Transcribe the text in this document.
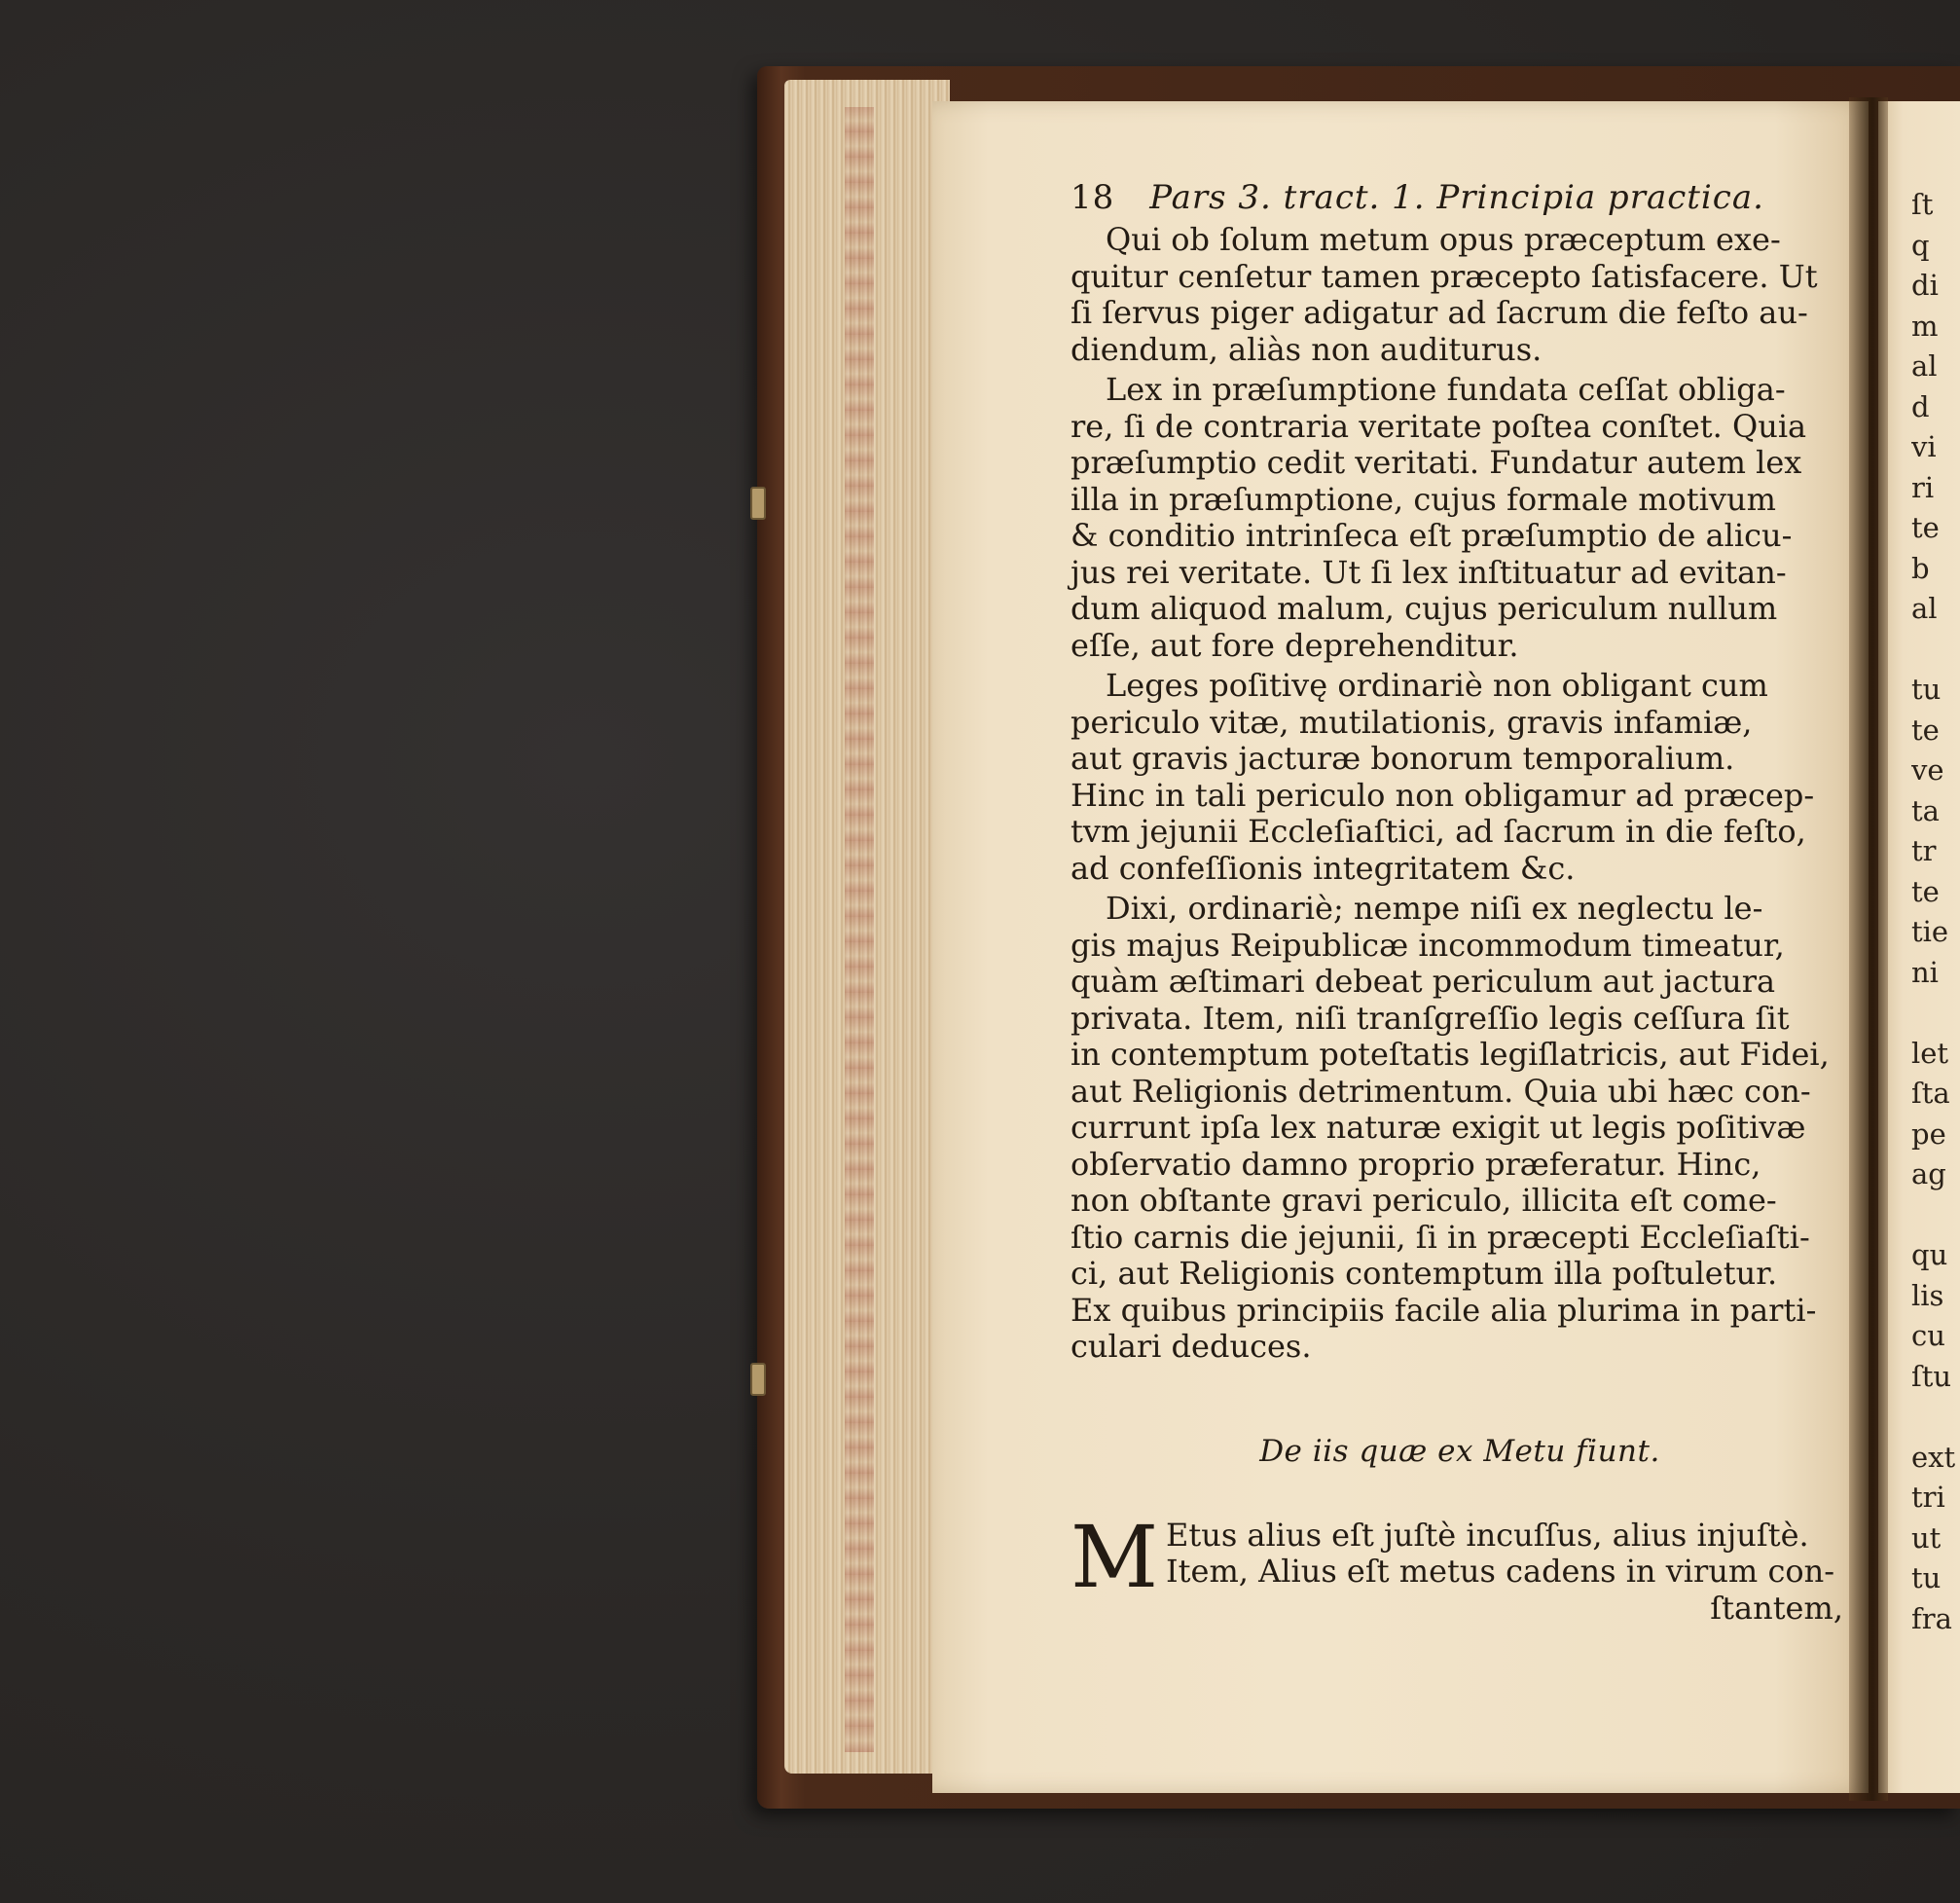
ſt
q
di
m
al
d
vi
ri
te
b
al
tu
te
ve
ta
tr
te
tie
ni
let
ſta
pe
ag
qu
lis
cu
ſtu
ext
tri
ut
tu
fra
18 Pars 3. tract. 1. Principia practica.
Qui ob ſolum metum opus præceptum exe-
quitur cenſetur tamen præcepto ſatisfacere. Ut
ſi ſervus piger adigatur ad ſacrum die feſto au-
diendum, aliàs non auditurus.
Lex in præſumptione fundata ceſſat obliga-
re, ſi de contraria veritate poſtea conſtet. Quia
præſumptio cedit veritati. Fundatur autem lex
illa in præſumptione, cujus formale motivum
& conditio intrinſeca eſt præſumptio de alicu-
jus rei veritate. Ut ſi lex inſtituatur ad evitan-
dum aliquod malum, cujus periculum nullum
eſſe, aut fore deprehenditur.
Leges poſitivę ordinariè non obligant cum
periculo vitæ, mutilationis, gravis infamiæ,
aut gravis jacturæ bonorum temporalium.
Hinc in tali periculo non obligamur ad præcep-
tvm jejunii Eccleſiaſtici, ad ſacrum in die feſto,
ad confeſſionis integritatem &c.
Dixi, ordinariè; nempe niſi ex neglectu le-
gis majus Reipublicæ incommodum timeatur,
quàm æſtimari debeat periculum aut jactura
privata. Item, niſi tranſgreſſio legis ceſſura ſit
in contemptum poteſtatis legiſlatricis, aut Fidei,
aut Religionis detrimentum. Quia ubi hæc con-
currunt ipſa lex naturæ exigit ut legis poſitivæ
obſervatio damno proprio præferatur. Hinc,
non obſtante gravi periculo, illicita eſt come-
ſtio carnis die jejunii, ſi in præcepti Eccleſiaſti-
ci, aut Religionis contemptum illa poſtuletur.
Ex quibus principiis facile alia plurima in parti-
culari deduces.
De iis quæ ex Metu fiunt.
M Etus alius eſt juſtè incuſſus, alius injuſtè.
Item, Alius eſt metus cadens in virum con-
ſtantem,
